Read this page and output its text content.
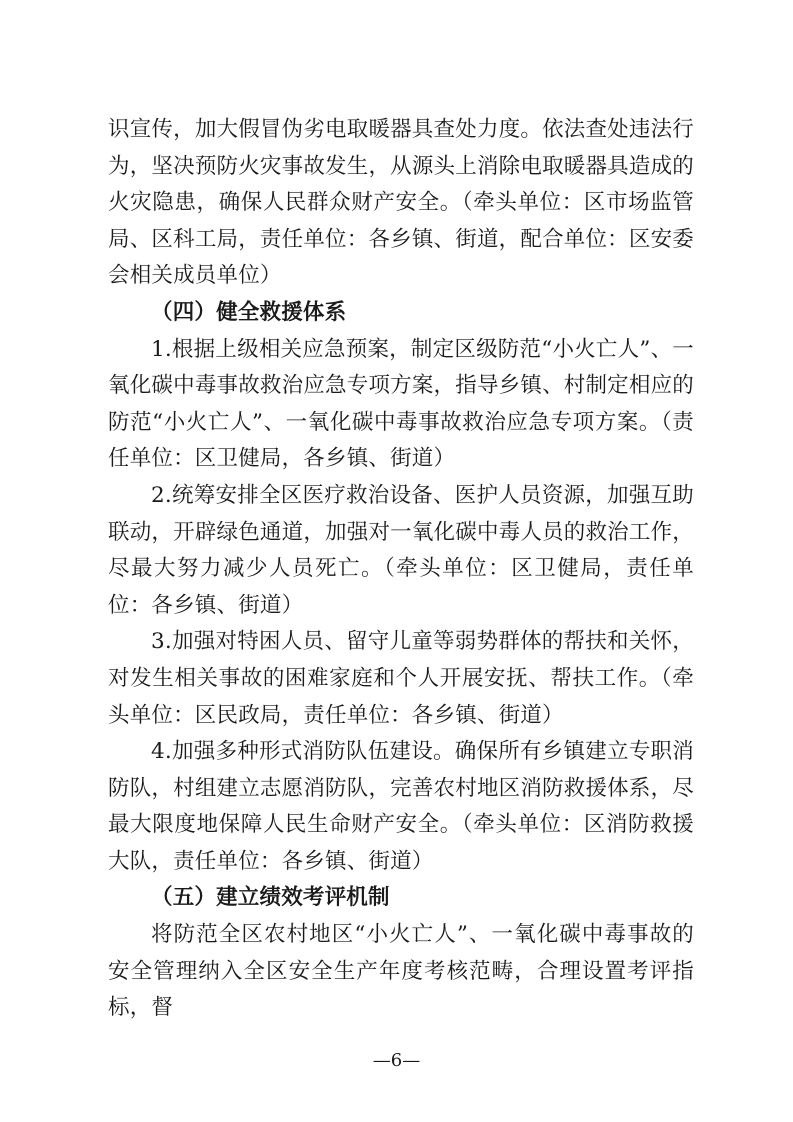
识宣传，加大假冒伪劣电取暖器具查处力度。依法查处违法行为，坚决预防火灾事故发生，从源头上消除电取暖器具造成的火灾隐患，确保人民群众财产安全。（牵头单位：区市场监管局、区科工局，责任单位：各乡镇、街道，配合单位：区安委会相关成员单位）

（四）健全救援体系

1.根据上级相关应急预案，制定区级防范“小火亡人”、一氧化碳中毒事故救治应急专项方案，指导乡镇、村制定相应的防范“小火亡人”、一氧化碳中毒事故救治应急专项方案。（责任单位：区卫健局，各乡镇、街道）

2.统筹安排全区医疗救治设备、医护人员资源，加强互助联动，开辟绿色通道，加强对一氧化碳中毒人员的救治工作，尽最大努力减少人员死亡。（牵头单位：区卫健局，责任单位：各乡镇、街道）

3.加强对特困人员、留守儿童等弱势群体的帮扶和关怀，对发生相关事故的困难家庭和个人开展安抚、帮扶工作。（牵头单位：区民政局，责任单位：各乡镇、街道）

4.加强多种形式消防队伍建设。确保所有乡镇建立专职消防队，村组建立志愿消防队，完善农村地区消防救援体系，尽最大限度地保障人民生命财产安全。（牵头单位：区消防救援大队，责任单位：各乡镇、街道）

（五）建立绩效考评机制

将防范全区农村地区“小火亡人”、一氧化碳中毒事故的安全管理纳入全区安全生产年度考核范畴，合理设置考评指标，督

—6—
